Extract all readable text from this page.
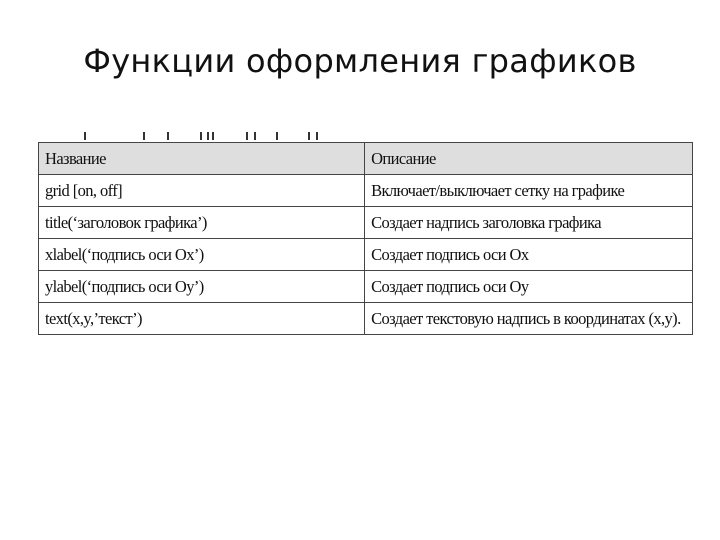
Функции оформления графиков
Название	Описание
grid [on, off]	Включает/выключает сетку на графике
title(‘заголовок графика’)	Создает надпись заголовка графика
xlabel(‘подпись оси Ox’)	Создает подпись оси Ox
ylabel(‘подпись оси Oy’)	Создает подпись оси Oy
text(x,y,’текст’)	Создает текстовую надпись в координатах (x,y).
